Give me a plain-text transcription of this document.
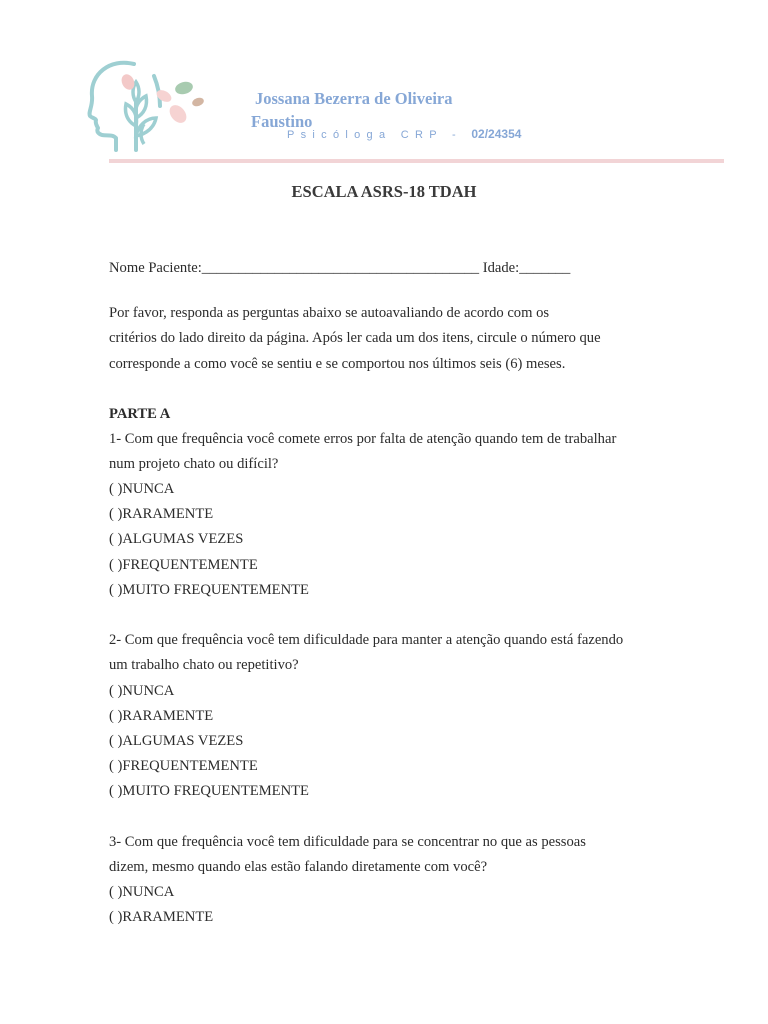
Jossana Bezerra de Oliveira
Faustino
Psicóloga CRP - 02/24354
ESCALA ASRS-18 TDAH
Nome Paciente:______________________________________ Idade:_______
Por favor, responda as perguntas abaixo se autoavaliando de acordo com os
critérios do lado direito da página. Após ler cada um dos itens, circule o número que
corresponde a como você se sentiu e se comportou nos últimos seis (6) meses.
PARTE A
1- Com que frequência você comete erros por falta de atenção quando tem de trabalhar
num projeto chato ou difícil?
( )NUNCA
( )RARAMENTE
( )ALGUMAS VEZES
( )FREQUENTEMENTE
( )MUITO FREQUENTEMENTE
2- Com que frequência você tem dificuldade para manter a atenção quando está fazendo
um trabalho chato ou repetitivo?
( )NUNCA
( )RARAMENTE
( )ALGUMAS VEZES
( )FREQUENTEMENTE
( )MUITO FREQUENTEMENTE
3- Com que frequência você tem dificuldade para se concentrar no que as pessoas
dizem, mesmo quando elas estão falando diretamente com você?
( )NUNCA
( )RARAMENTE
